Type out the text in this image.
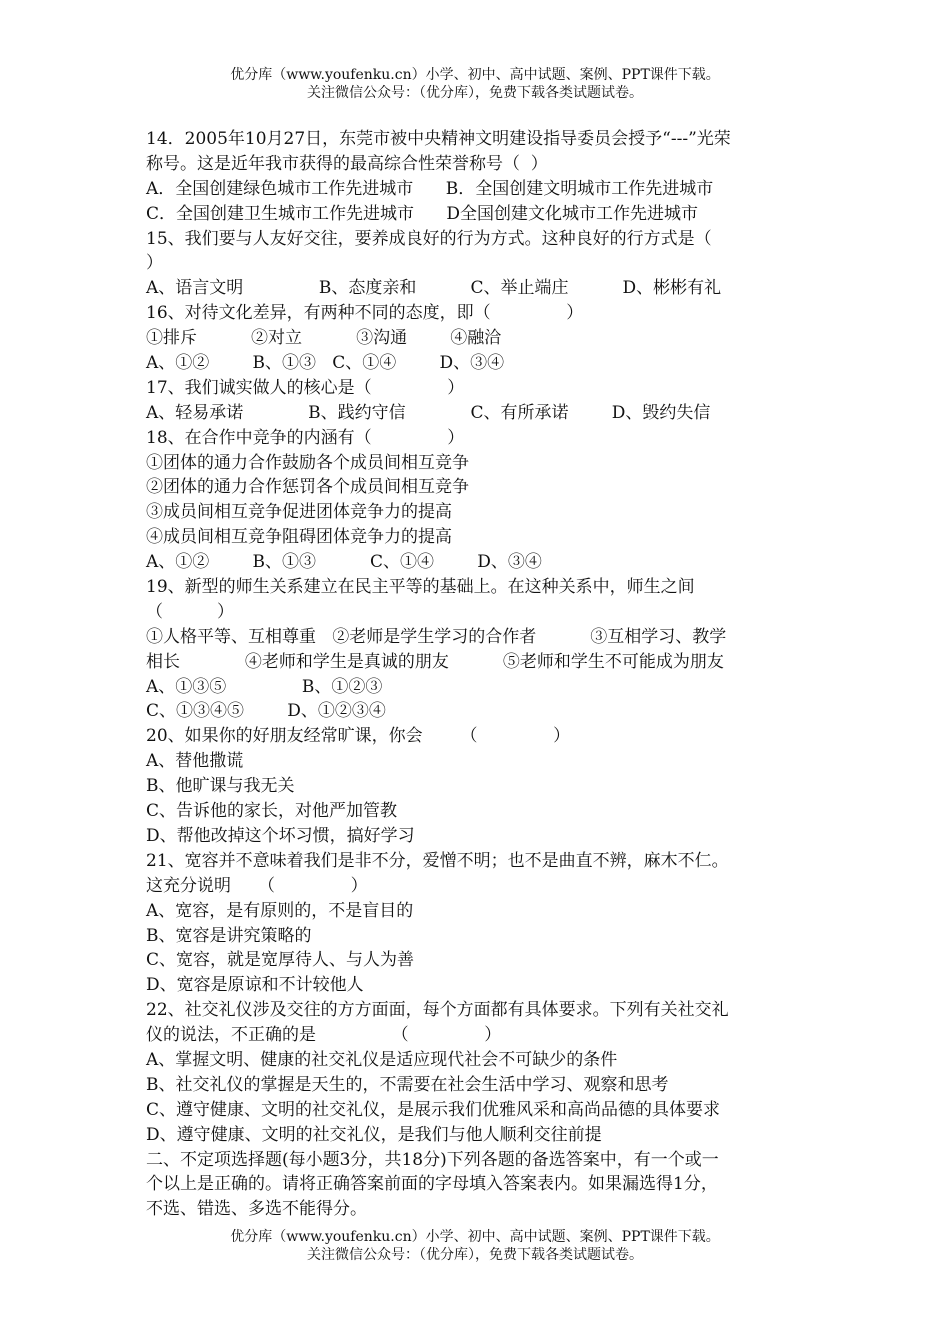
优分库（www.youfenku.cn）小学、初中、高中试题、案例、PPT课件下载。
关注微信公众号：（优分库），免费下载各类试题试卷。
14．2005年10月27日，东莞市被中央精神文明建设指导委员会授予“---”光荣
称号。这是近年我市获得的最高综合性荣誉称号（  ）
A．全国创建绿色城市工作先进城市      B．全国创建文明城市工作先进城市
C．全国创建卫生城市工作先进城市      D全国创建文化城市工作先进城市
15、我们要与人友好交往，要养成良好的行为方式。这种良好的行方式是（
）
A、语言文明              B、态度亲和          C、举止端庄          D、彬彬有礼
16、对待文化差异，有两种不同的态度，即（              ）
①排斥          ②对立          ③沟通        ④融洽
A、①②        B、①③   C、①④        D、③④
17、我们诚实做人的核心是（              ）
A、轻易承诺            B、践约守信            C、有所承诺        D、毁约失信
18、在合作中竞争的内涵有（              ）
①团体的通力合作鼓励各个成员间相互竞争
②团体的通力合作惩罚各个成员间相互竞争
③成员间相互竞争促进团体竞争力的提高
④成员间相互竞争阻碍团体竞争力的提高
A、①②        B、①③          C、①④        D、③④
19、新型的师生关系建立在民主平等的基础上。在这种关系中，师生之间
（          ）
①人格平等、互相尊重   ②老师是学生学习的合作者          ③互相学习、教学
相长            ④老师和学生是真诚的朋友          ⑤老师和学生不可能成为朋友
A、①③⑤              B、①②③
C、①③④⑤        D、①②③④
20、如果你的好朋友经常旷课，你会       （              ）
A、替他撒谎
B、他旷课与我无关
C、告诉他的家长，对他严加管教
D、帮他改掉这个坏习惯，搞好学习
21、宽容并不意味着我们是非不分，爱憎不明；也不是曲直不辨，麻木不仁。
这充分说明     （              ）
A、宽容，是有原则的，不是盲目的
B、宽容是讲究策略的
C、宽容，就是宽厚待人、与人为善
D、宽容是原谅和不计较他人
22、社交礼仪涉及交往的方方面面，每个方面都有具体要求。下列有关社交礼
仪的说法，不正确的是              （              ）
A、掌握文明、健康的社交礼仪是适应现代社会不可缺少的条件
B、社交礼仪的掌握是天生的，不需要在社会生活中学习、观察和思考
C、遵守健康、文明的社交礼仪，是展示我们优雅风采和高尚品德的具体要求
D、遵守健康、文明的社交礼仪，是我们与他人顺利交往前提
二、不定项选择题(每小题3分，共18分)下列各题的备选答案中，有一个或一
个以上是正确的。请将正确答案前面的字母填入答案表内。如果漏选得1分，
不选、错选、多选不能得分。
优分库（www.youfenku.cn）小学、初中、高中试题、案例、PPT课件下载。
关注微信公众号：（优分库），免费下载各类试题试卷。
